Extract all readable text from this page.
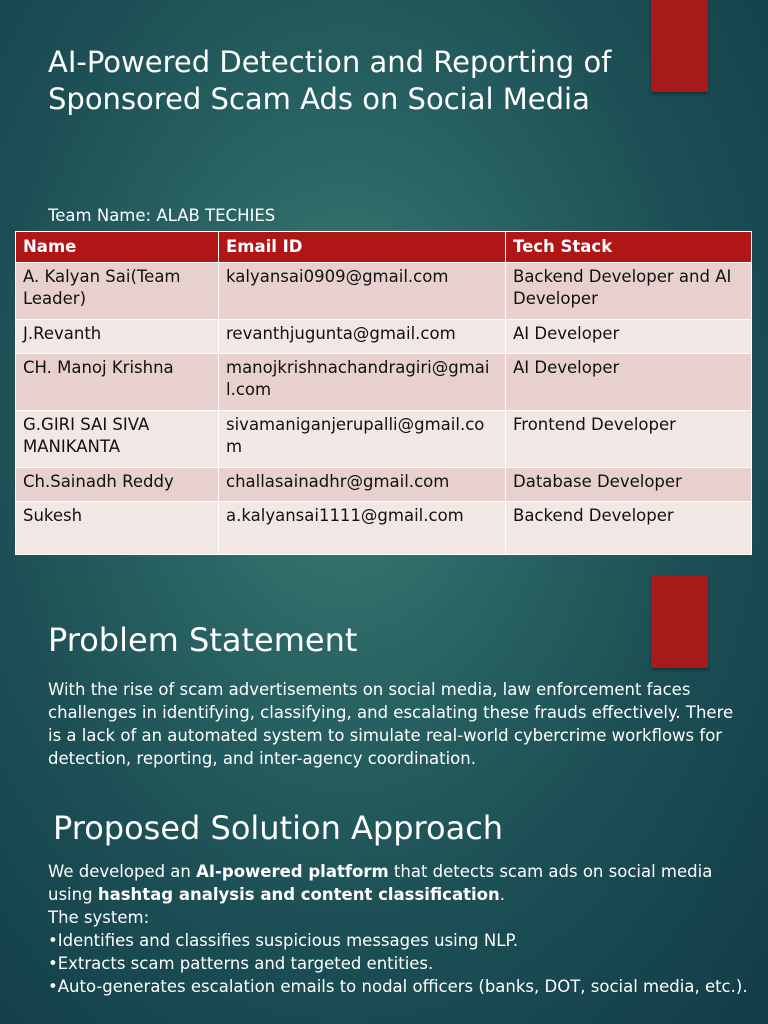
AI-Powered Detection and Reporting of Sponsored Scam Ads on Social Media
Team Name: ALAB TECHIES
Name	Email ID	Tech Stack
A. Kalyan Sai(Team Leader)	kalyansai0909@gmail.com	Backend Developer and AI Developer
J.Revanth	revanthjugunta@gmail.com	AI Developer
CH. Manoj Krishna	manojkrishnachandragiri@gmail.com	AI Developer
G.GIRI SAI SIVA MANIKANTA	sivamaniganjerupalli@gmail.com	Frontend Developer
Ch.Sainadh Reddy	challasainadhr@gmail.com	Database Developer
Sukesh	a.kalyansai1111@gmail.com	Backend Developer
Problem Statement

With the rise of scam advertisements on social media, law enforcement faces challenges in identifying, classifying, and escalating these frauds effectively. There is a lack of an automated system to simulate real-world cybercrime workflows for detection, reporting, and inter-agency coordination.

Proposed Solution Approach
We developed an AI-powered platform that detects scam ads on social media using hashtag analysis and content classification.
The system:
•Identifies and classifies suspicious messages using NLP.
•Extracts scam patterns and targeted entities.
•Auto-generates escalation emails to nodal officers (banks, DOT, social media, etc.).
